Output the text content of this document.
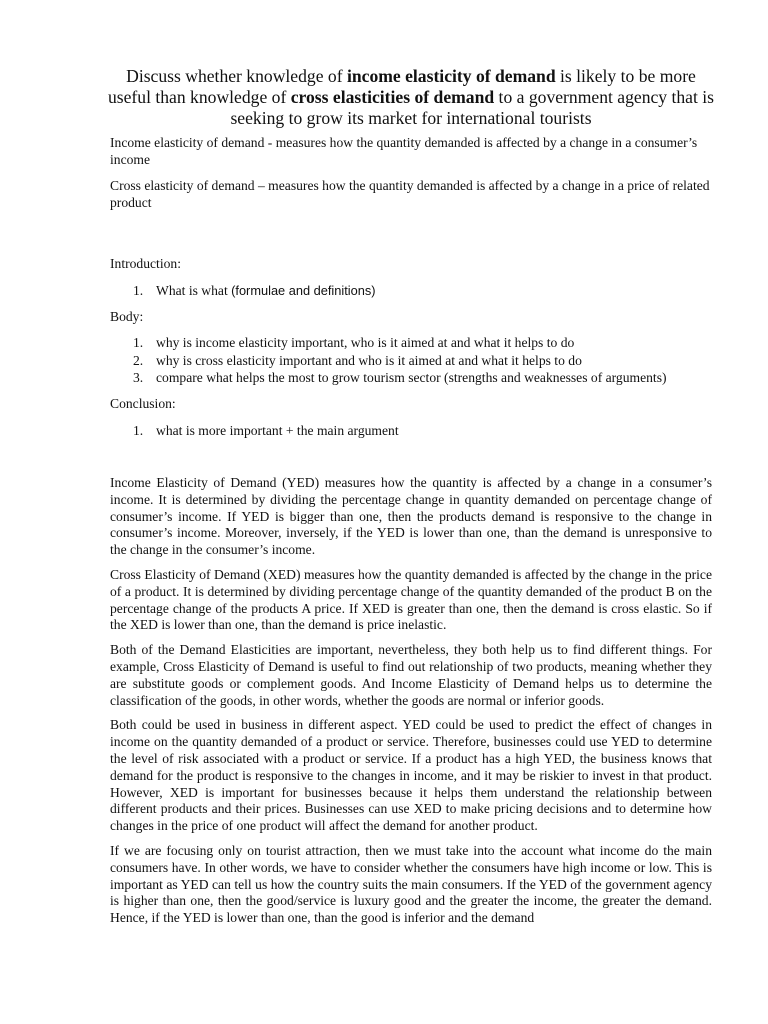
Discuss whether knowledge of income elasticity of demand is likely to be more useful than knowledge of cross elasticities of demand to a government agency that is seeking to grow its market for international tourists

Income elasticity of demand - measures how the quantity demanded is affected by a change in a consumer’s income

Cross elasticity of demand – measures how the quantity demanded is affected by a change in a price of related product

Introduction:

1. What is what (formulae and definitions)

Body:

1. why is income elasticity important, who is it aimed at and what it helps to do
2. why is cross elasticity important and who is it aimed at and what it helps to do
3. compare what helps the most to grow tourism sector (strengths and weaknesses of arguments)

Conclusion:

1. what is more important + the main argument

Income Elasticity of Demand (YED) measures how the quantity is affected by a change in a consumer’s income. It is determined by dividing the percentage change in quantity demanded on percentage change of consumer’s income. If YED is bigger than one, then the products demand is responsive to the change in consumer’s income. Moreover, inversely, if the YED is lower than one, than the demand is unresponsive to the change in the consumer’s income.

Cross Elasticity of Demand (XED) measures how the quantity demanded is affected by the change in the price of a product. It is determined by dividing percentage change of the quantity demanded of the product B on the percentage change of the products A price. If XED is greater than one, then the demand is cross elastic. So if the XED is lower than one, than the demand is price inelastic.

Both of the Demand Elasticities are important, nevertheless, they both help us to find different things. For example, Cross Elasticity of Demand is useful to find out relationship of two products, meaning whether they are substitute goods or complement goods. And Income Elasticity of Demand helps us to determine the classification of the goods, in other words, whether the goods are normal or inferior goods.

Both could be used in business in different aspect. YED could be used to predict the effect of changes in income on the quantity demanded of a product or service. Therefore, businesses could use YED to determine the level of risk associated with a product or service. If a product has a high YED, the business knows that demand for the product is responsive to the changes in income, and it may be riskier to invest in that product. However, XED is important for businesses because it helps them understand the relationship between different products and their prices. Businesses can use XED to make pricing decisions and to determine how changes in the price of one product will affect the demand for another product.

If we are focusing only on tourist attraction, then we must take into the account what income do the main consumers have. In other words, we have to consider whether the consumers have high income or low. This is important as YED can tell us how the country suits the main consumers. If the YED of the government agency is higher than one, then the good/service is luxury good and the greater the income, the greater the demand. Hence, if the YED is lower than one, than the good is inferior and the demand
